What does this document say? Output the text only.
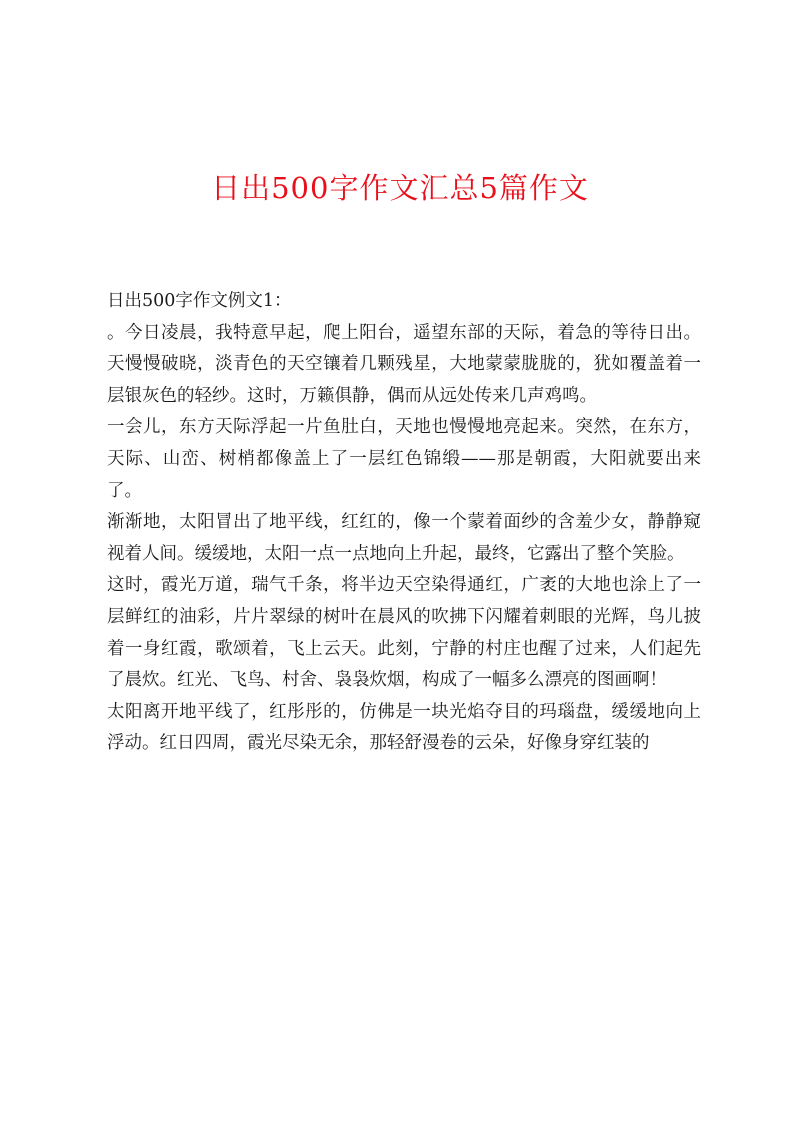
日出500字作文汇总5篇作文

日出500字作文例文1：

。今日凌晨，我特意早起，爬上阳台，遥望东部的天际，着急的等待日出。天慢慢破晓，淡青色的天空镶着几颗残星，大地蒙蒙胧胧的，犹如覆盖着一层银灰色的轻纱。这时，万籁俱静，偶而从远处传来几声鸡鸣。

一会儿，东方天际浮起一片鱼肚白，天地也慢慢地亮起来。突然，在东方，天际、山峦、树梢都像盖上了一层红色锦缎——那是朝霞，大阳就要出来了。

渐渐地，太阳冒出了地平线，红红的，像一个蒙着面纱的含羞少女，静静窥视着人间。缓缓地，太阳一点一点地向上升起，最终，它露出了整个笑脸。

这时，霞光万道，瑞气千条，将半边天空染得通红，广袤的大地也涂上了一层鲜红的油彩，片片翠绿的树叶在晨风的吹拂下闪耀着刺眼的光辉，鸟儿披着一身红霞，歌颂着，飞上云天。此刻，宁静的村庄也醒了过来，人们起先了晨炊。红光、飞鸟、村舍、袅袅炊烟，构成了一幅多么漂亮的图画啊！

太阳离开地平线了，红彤彤的，仿佛是一块光焰夺目的玛瑙盘，缓缓地向上浮动。红日四周，霞光尽染无余，那轻舒漫卷的云朵，好像身穿红装的
